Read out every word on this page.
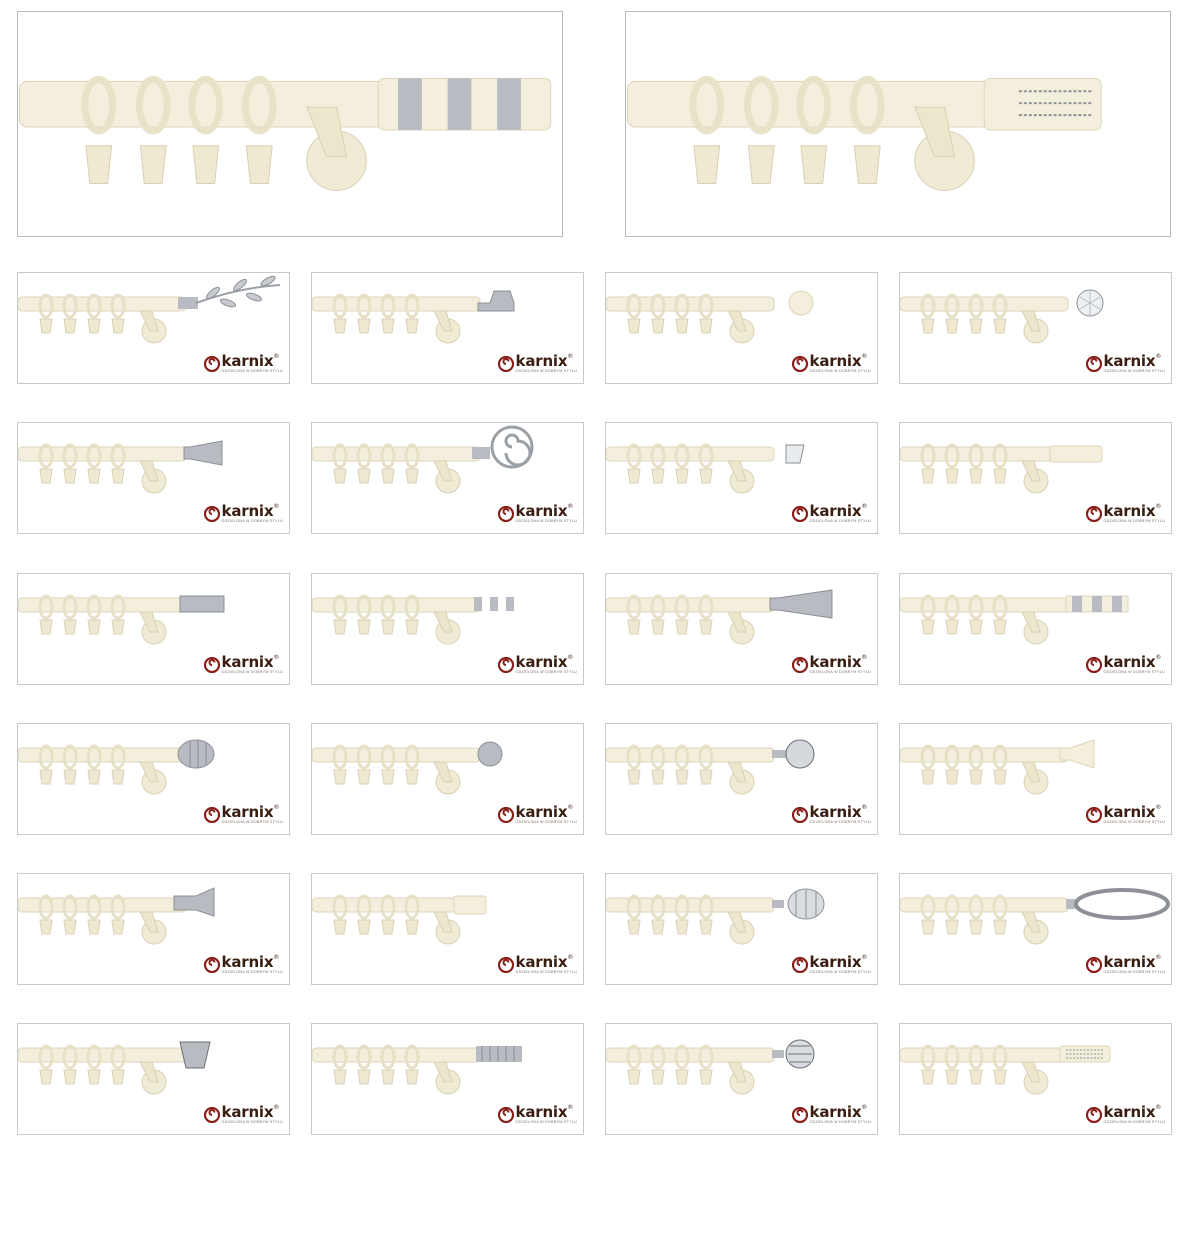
karnix®
ODZIELONA W DOBRYM STYLU
karnix®
ODZIELONA W DOBRYM STYLU
karnix®
ODZIELONA W DOBRYM STYLU
karnix®
ODZIELONA W DOBRYM STYLU
karnix®
ODZIELONA W DOBRYM STYLU
karnix®
ODZIELONA W DOBRYM STYLU
karnix®
ODZIELONA W DOBRYM STYLU
karnix®
ODZIELONA W DOBRYM STYLU
karnix®
ODZIELONA W DOBRYM STYLU
karnix®
ODZIELONA W DOBRYM STYLU
karnix®
ODZIELONA W DOBRYM STYLU
karnix®
ODZIELONA W DOBRYM STYLU
karnix®
ODZIELONA W DOBRYM STYLU
karnix®
ODZIELONA W DOBRYM STYLU
karnix®
ODZIELONA W DOBRYM STYLU
karnix®
ODZIELONA W DOBRYM STYLU
karnix®
ODZIELONA W DOBRYM STYLU
karnix®
ODZIELONA W DOBRYM STYLU
karnix®
ODZIELONA W DOBRYM STYLU
karnix®
ODZIELONA W DOBRYM STYLU
karnix®
ODZIELONA W DOBRYM STYLU
karnix®
ODZIELONA W DOBRYM STYLU
karnix®
ODZIELONA W DOBRYM STYLU
karnix®
ODZIELONA W DOBRYM STYLU
